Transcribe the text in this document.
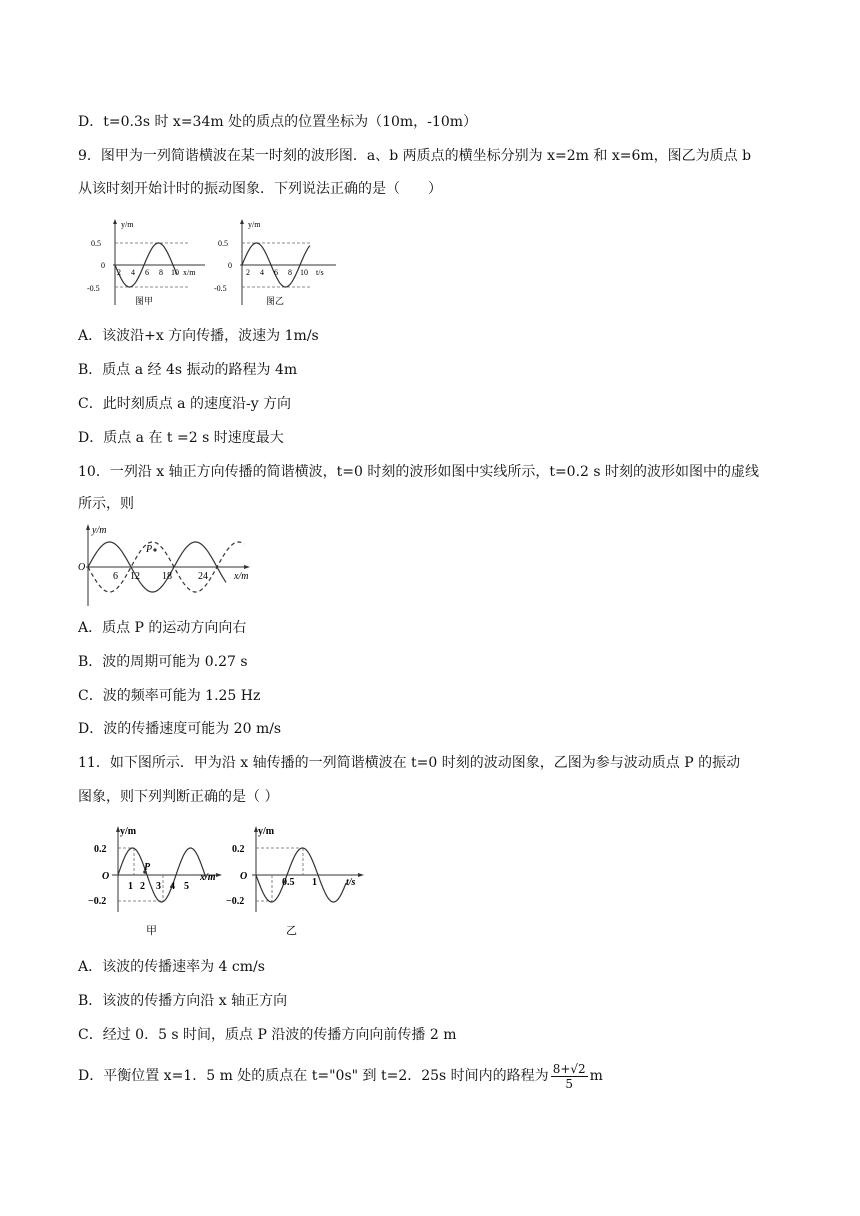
D．t=0.3s 时 x=34m 处的质点的位置坐标为（10m，-10m）
9．图甲为一列简谐横波在某一时刻的波形图．a、b 两质点的横坐标分别为 x=2m 和 x=6m，图乙为质点 b
从该时刻开始计时的振动图象．下列说法正确的是（　　）
y/m
x/m
0.5
0
-0.5
2 4 6 8 10
图甲
y/m
t/s
0.5
0
-0.5
2 4 6 8 10
图乙
A．该波沿+x 方向传播，波速为 1m/s
B．质点 a 经 4s 振动的路程为 4m
C．此时刻质点 a 的速度沿-y 方向
D．质点 a 在 t =2 s 时速度最大
10．一列沿 x 轴正方向传播的简谐横波，t=0 时刻的波形如图中实线所示，t=0.2 s 时刻的波形如图中的虚线
所示，则
y/m
O
P
6 12 18	24	x/m
A．质点 P 的运动方向向右
B．波的周期可能为 0.27 s
C．波的频率可能为 1.25 Hz
D．波的传播速度可能为 20 m/s
11．如下图所示．甲为沿 x 轴传播的一列简谐横波在 t=0 时刻的波动图象，乙图为参与波动质点 P 的振动
图象，则下列判断正确的是（ ）
y/m
0.2
O
−0.2
P
1 2 3 4 5
x/m
甲
y/m
0.2
O
−0.2
0.5 1	t/s
乙
A．该波的传播速率为 4 cm/s
B．该波的传播方向沿 x 轴正方向
C．经过 0．5 s 时间，质点 P 沿波的传播方向向前传播 2 m
D．平衡位置 x=1．5 m 处的质点在 t="0s" 到 t=2．25s 时间内的路程为 $\frac{8+√2}{5}$ m
